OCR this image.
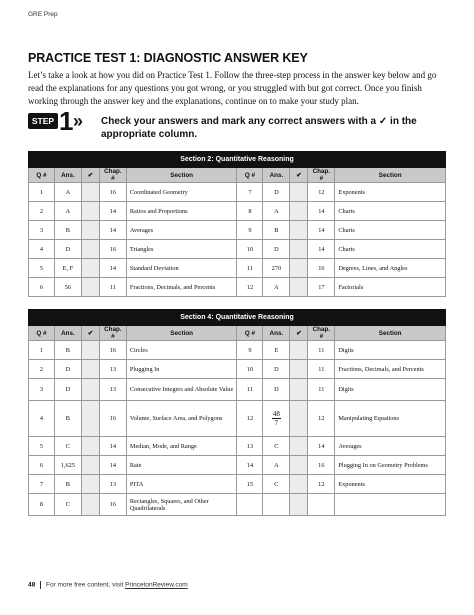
GRE Prep
PRACTICE TEST 1: DIAGNOSTIC ANSWER KEY
Let’s take a look at how you did on Practice Test 1. Follow the three-step process in the answer key below and go read the explanations for any questions you got wrong, or you struggled with but got correct. Once you finish working through the answer key and the explanations, continue on to make your study plan.
STEP 1 » Check your answers and mark any correct answers with a ✓ in the appropriate column.
Section 2: Quantitative Reasoning									
Q #	Ans.	✔	Chap. #	Section	Q #	Ans.	✔	Chap. #	Section
1	A		16	Coordinated Geometry	7	D		12	Exponents
2	A		14	Ratios and Proportions	8	A		14	Charts
3	B		14	Averages	9	B		14	Charts
4	D		16	Triangles	10	D		14	Charts
5	E, F		14	Standard Deviation	11	270		16	Degrees, Lines, and Angles
6	56		11	Fractions, Decimals, and Percents	12	A		17	Factorials
Section 4: Quantitative Reasoning									
Q #	Ans.	✔	Chap. #	Section	Q #	Ans.	✔	Chap. #	Section
1	B		16	Circles	9	E		11	Digits
2	D		13	Plugging In	10	D		11	Fractions, Decimals, and Percents
3	D		13	Consecutive Integers and Absolute Value	11	D		11	Digits
4	B		16	Volume, Surface Area, and Polygons	12	$\frac{48}{7}$		12	Manipulating Equations
5	C		14	Median, Mode, and Range	13	C		14	Averages
6	1,625		14	Rate	14	A		16	Plugging In on Geometry Problems
7	B		13	PITA	15	C		12	Exponents
8	C		16	Rectangles, Squares, and Other Quadrilaterals					
48 For more free content, visit PrincetonReview.com
